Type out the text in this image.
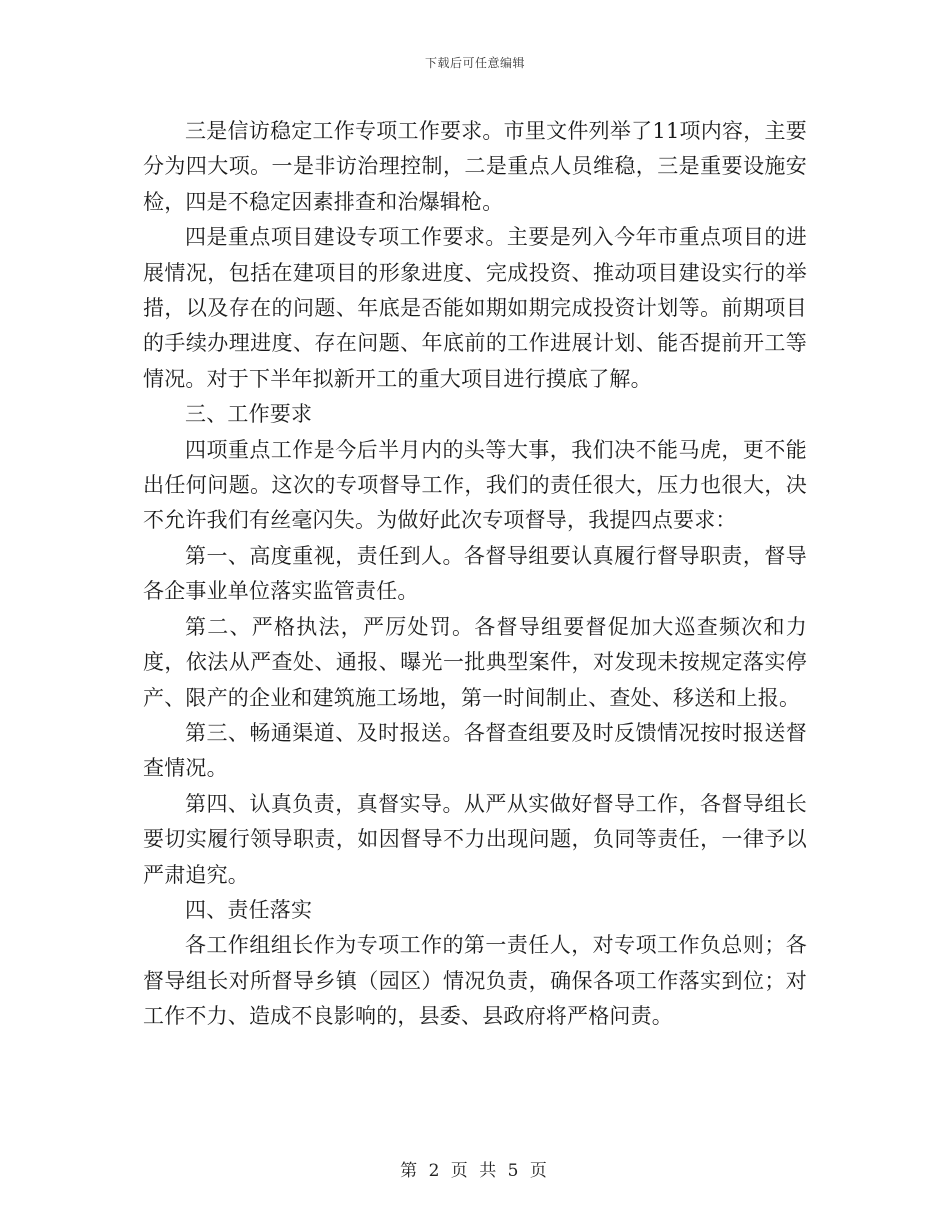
下载后可任意编辑

三是信访稳定工作专项工作要求。市里文件列举了11项内容，主要分为四大项。一是非访治理控制，二是重点人员维稳，三是重要设施安检，四是不稳定因素排查和治爆辑枪。

四是重点项目建设专项工作要求。主要是列入今年市重点项目的进展情况，包括在建项目的形象进度、完成投资、推动项目建设实行的举措，以及存在的问题、年底是否能如期如期完成投资计划等。前期项目的手续办理进度、存在问题、年底前的工作进展计划、能否提前开工等情况。对于下半年拟新开工的重大项目进行摸底了解。

三、工作要求

四项重点工作是今后半月内的头等大事，我们决不能马虎，更不能出任何问题。这次的专项督导工作，我们的责任很大，压力也很大，决不允许我们有丝毫闪失。为做好此次专项督导，我提四点要求：

第一、高度重视，责任到人。各督导组要认真履行督导职责，督导各企事业单位落实监管责任。

第二、严格执法，严厉处罚。各督导组要督促加大巡查频次和力度，依法从严查处、通报、曝光一批典型案件，对发现未按规定落实停产、限产的企业和建筑施工场地，第一时间制止、查处、移送和上报。

第三、畅通渠道、及时报送。各督查组要及时反馈情况按时报送督查情况。

第四、认真负责，真督实导。从严从实做好督导工作，各督导组长要切实履行领导职责，如因督导不力出现问题，负同等责任，一律予以严肃追究。

四、责任落实

各工作组组长作为专项工作的第一责任人，对专项工作负总则；各督导组长对所督导乡镇（园区）情况负责，确保各项工作落实到位；对工作不力、造成不良影响的，县委、县政府将严格问责。

第 2 页 共 5 页
